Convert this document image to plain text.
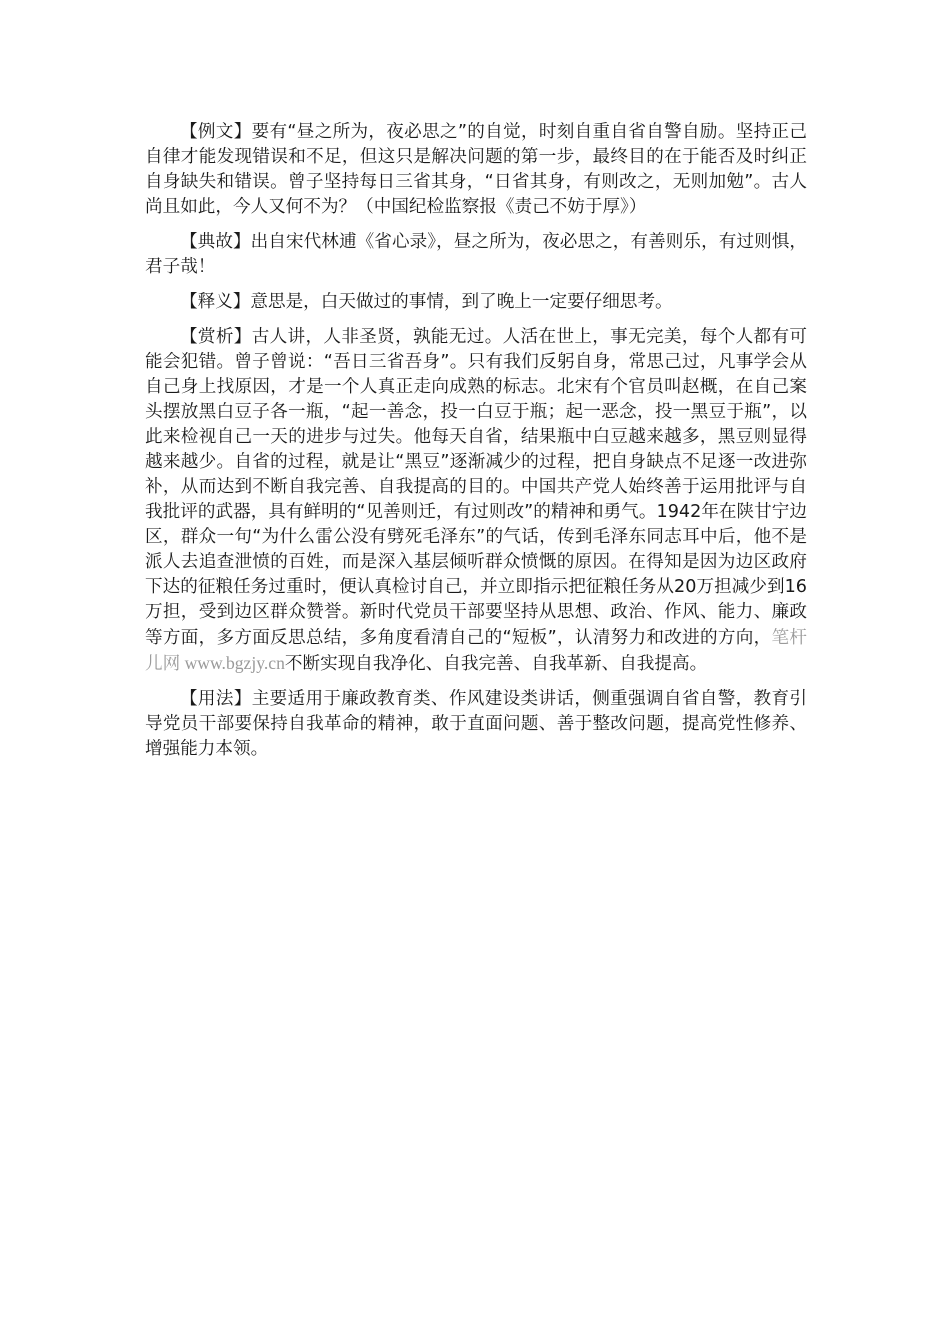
【例文】要有“昼之所为，夜必思之”的自觉，时刻自重自省自警自励。坚持正己自律才能发现错误和不足，但这只是解决问题的第一步，最终目的在于能否及时纠正自身缺失和错误。曾子坚持每日三省其身，“日省其身，有则改之，无则加勉”。古人尚且如此，今人又何不为？（中国纪检监察报《责己不妨于厚》）

【典故】出自宋代林逋《省心录》，昼之所为，夜必思之，有善则乐，有过则惧，君子哉！

【释义】意思是，白天做过的事情，到了晚上一定要仔细思考。

【赏析】古人讲，人非圣贤，孰能无过。人活在世上，事无完美，每个人都有可能会犯错。曾子曾说：“吾日三省吾身”。只有我们反躬自身，常思己过，凡事学会从自己身上找原因，才是一个人真正走向成熟的标志。北宋有个官员叫赵概，在自己案头摆放黑白豆子各一瓶，“起一善念，投一白豆于瓶；起一恶念，投一黑豆于瓶”，以此来检视自己一天的进步与过失。他每天自省，结果瓶中白豆越来越多，黑豆则显得越来越少。自省的过程，就是让“黑豆”逐渐减少的过程，把自身缺点不足逐一改进弥补，从而达到不断自我完善、自我提高的目的。中国共产党人始终善于运用批评与自我批评的武器，具有鲜明的“见善则迁，有过则改”的精神和勇气。1942年在陕甘宁边区，群众一句“为什么雷公没有劈死毛泽东”的气话，传到毛泽东同志耳中后，他不是派人去追查泄愤的百姓，而是深入基层倾听群众愤慨的原因。在得知是因为边区政府下达的征粮任务过重时，便认真检讨自己，并立即指示把征粮任务从20万担减少到16万担，受到边区群众赞誉。新时代党员干部要坚持从思想、政治、作风、能力、廉政等方面，多方面反思总结，多角度看清自己的“短板”，认清努力和改进的方向，笔杆儿网 www.bgzjy.cn不断实现自我净化、自我完善、自我革新、自我提高。

【用法】主要适用于廉政教育类、作风建设类讲话，侧重强调自省自警，教育引导党员干部要保持自我革命的精神，敢于直面问题、善于整改问题，提高党性修养、增强能力本领。
